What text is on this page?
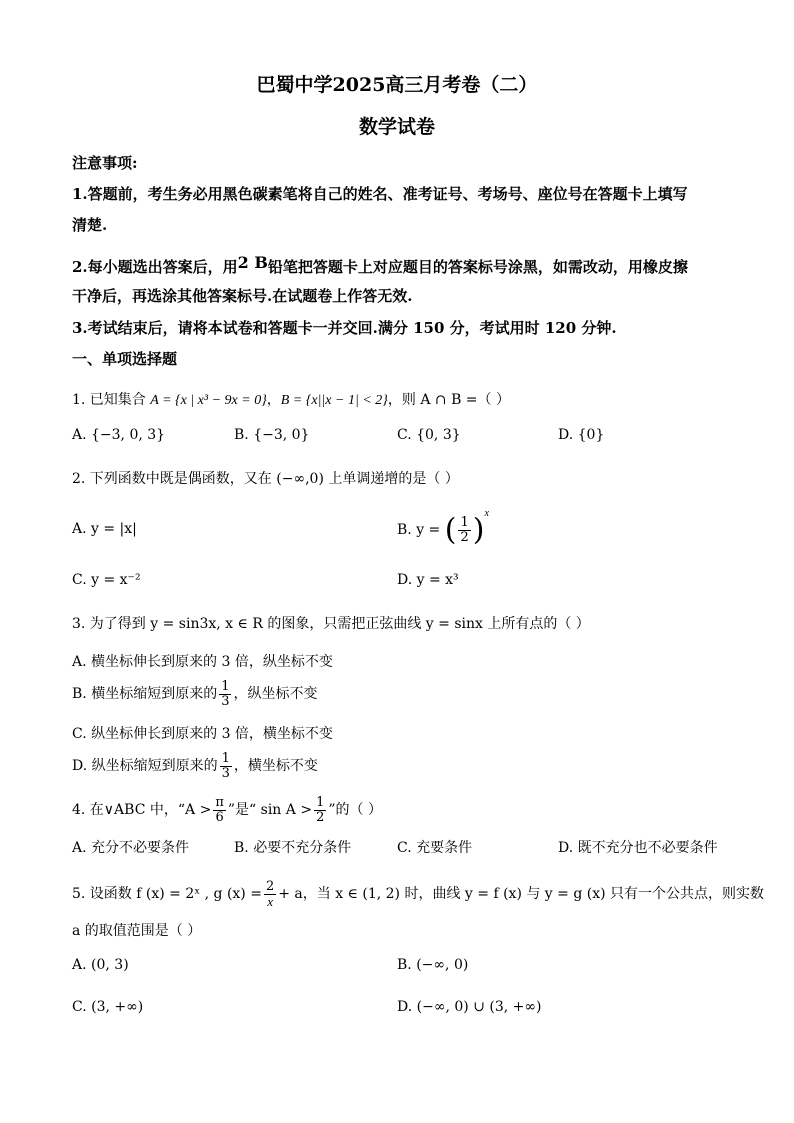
巴蜀中学2025高三月考卷（二）
数学试卷
注意事项:
1.答题前，考生务必用黑色碳素笔将自己的姓名、准考证号、考场号、座位号在答题卡上填写
清楚.
2.每小题选出答案后，用2 B铅笔把答题卡上对应题目的答案标号涂黑，如需改动，用橡皮擦
干净后，再选涂其他答案标号.在试题卷上作答无效.
3.考试结束后，请将本试卷和答题卡一并交回.满分 150 分，考试用时 120 分钟.
一、单项选择题
1. 已知集合 A = {x | x³ − 9x = 0}，B = {x||x − 1| < 2}，则 A ∩ B =（ ）
A. {−3, 0, 3}	B. {−3, 0}	C. {0, 3}	D. {0}
2. 下列函数中既是偶函数，又在 (−∞,0) 上单调递增的是（ ）
A. y = |x|	B. y = ( $\frac{1}{2} )^x$
C. y = x⁻²	D. y = x³
3. 为了得到 y = sin3x, x ∈ R 的图象，只需把正弦曲线 y = sinx 上所有点的（ ）
A. 横坐标伸长到原来的 3 倍，纵坐标不变
B. 横坐标缩短到原来的 $\frac{1}{3}$ ，纵坐标不变
C. 纵坐标伸长到原来的 3 倍，横坐标不变
D. 纵坐标缩短到原来的 $\frac{1}{3}$ ，横坐标不变
4. 在∨ABC 中，“$A > \frac{\pi}{6}$ ”是“ $\sin A > \frac{1}{2}$ ”的（ ）
A. 充分不必要条件	B. 必要不充分条件	C. 充要条件	D. 既不充分也不必要条件
5. 设函数 f (x) = 2ˣ , g $(x) = \frac{2}{x} + a$，当 x ∈ (1, 2) 时，曲线 y = f (x) 与 y = g (x) 只有一个公共点，则实数
a 的取值范围是（ ）
A. (0, 3)	B. (−∞, 0)
C. (3, +∞)	D. (−∞, 0) ∪ (3, +∞)
